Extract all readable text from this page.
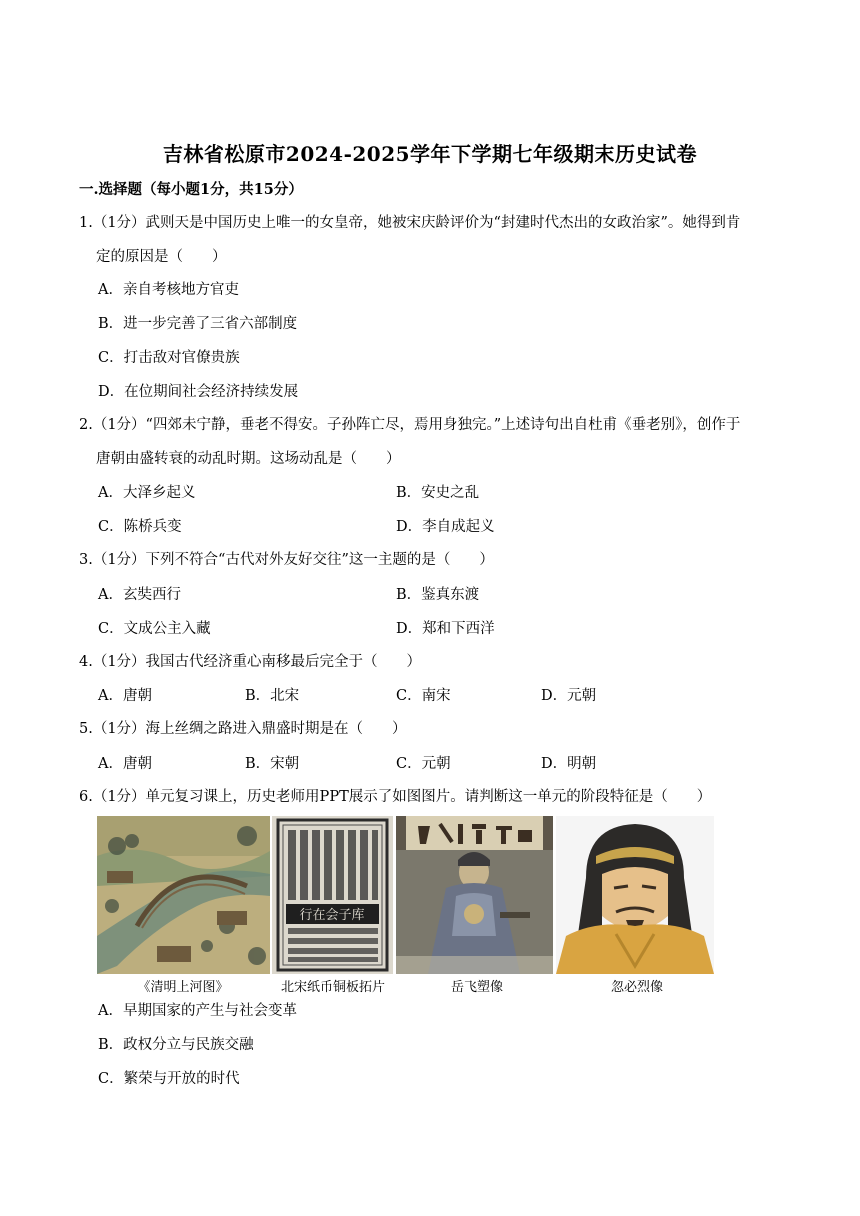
吉林省松原市2024-2025学年下学期七年级期末历史试卷
一.选择题（每小题1分，共15分）
1.（1分）武则天是中国历史上唯一的女皇帝，她被宋庆龄评价为“封建时代杰出的女政治家”。她得到肯
定的原因是（　　）
A．亲自考核地方官吏
B．进一步完善了三省六部制度
C．打击敌对官僚贵族
D．在位期间社会经济持续发展
2.（1分）“四郊未宁静，垂老不得安。子孙阵亡尽，焉用身独完。”上述诗句出自杜甫《垂老别》，创作于
唐朝由盛转衰的动乱时期。这场动乱是（　　）
A．大泽乡起义	B．安史之乱
C．陈桥兵变	D．李自成起义
3.（1分）下列不符合“古代对外友好交往”这一主题的是（　　）
A．玄奘西行	B．鉴真东渡
C．文成公主入藏	D．郑和下西洋
4.（1分）我国古代经济重心南移最后完全于（　　）
A．唐朝	B．北宋	C．南宋	D．元朝
5.（1分）海上丝绸之路进入鼎盛时期是在（　　）
A．唐朝	B．宋朝	C．元朝	D．明朝
6.（1分）单元复习课上，历史老师用PPT展示了如图图片。请判断这一单元的阶段特征是（　　）
行在会子库
《清明上河图》	北宋纸币铜板拓片	岳飞塑像	忽必烈像
A．早期国家的产生与社会变革
B．政权分立与民族交融
C．繁荣与开放的时代
